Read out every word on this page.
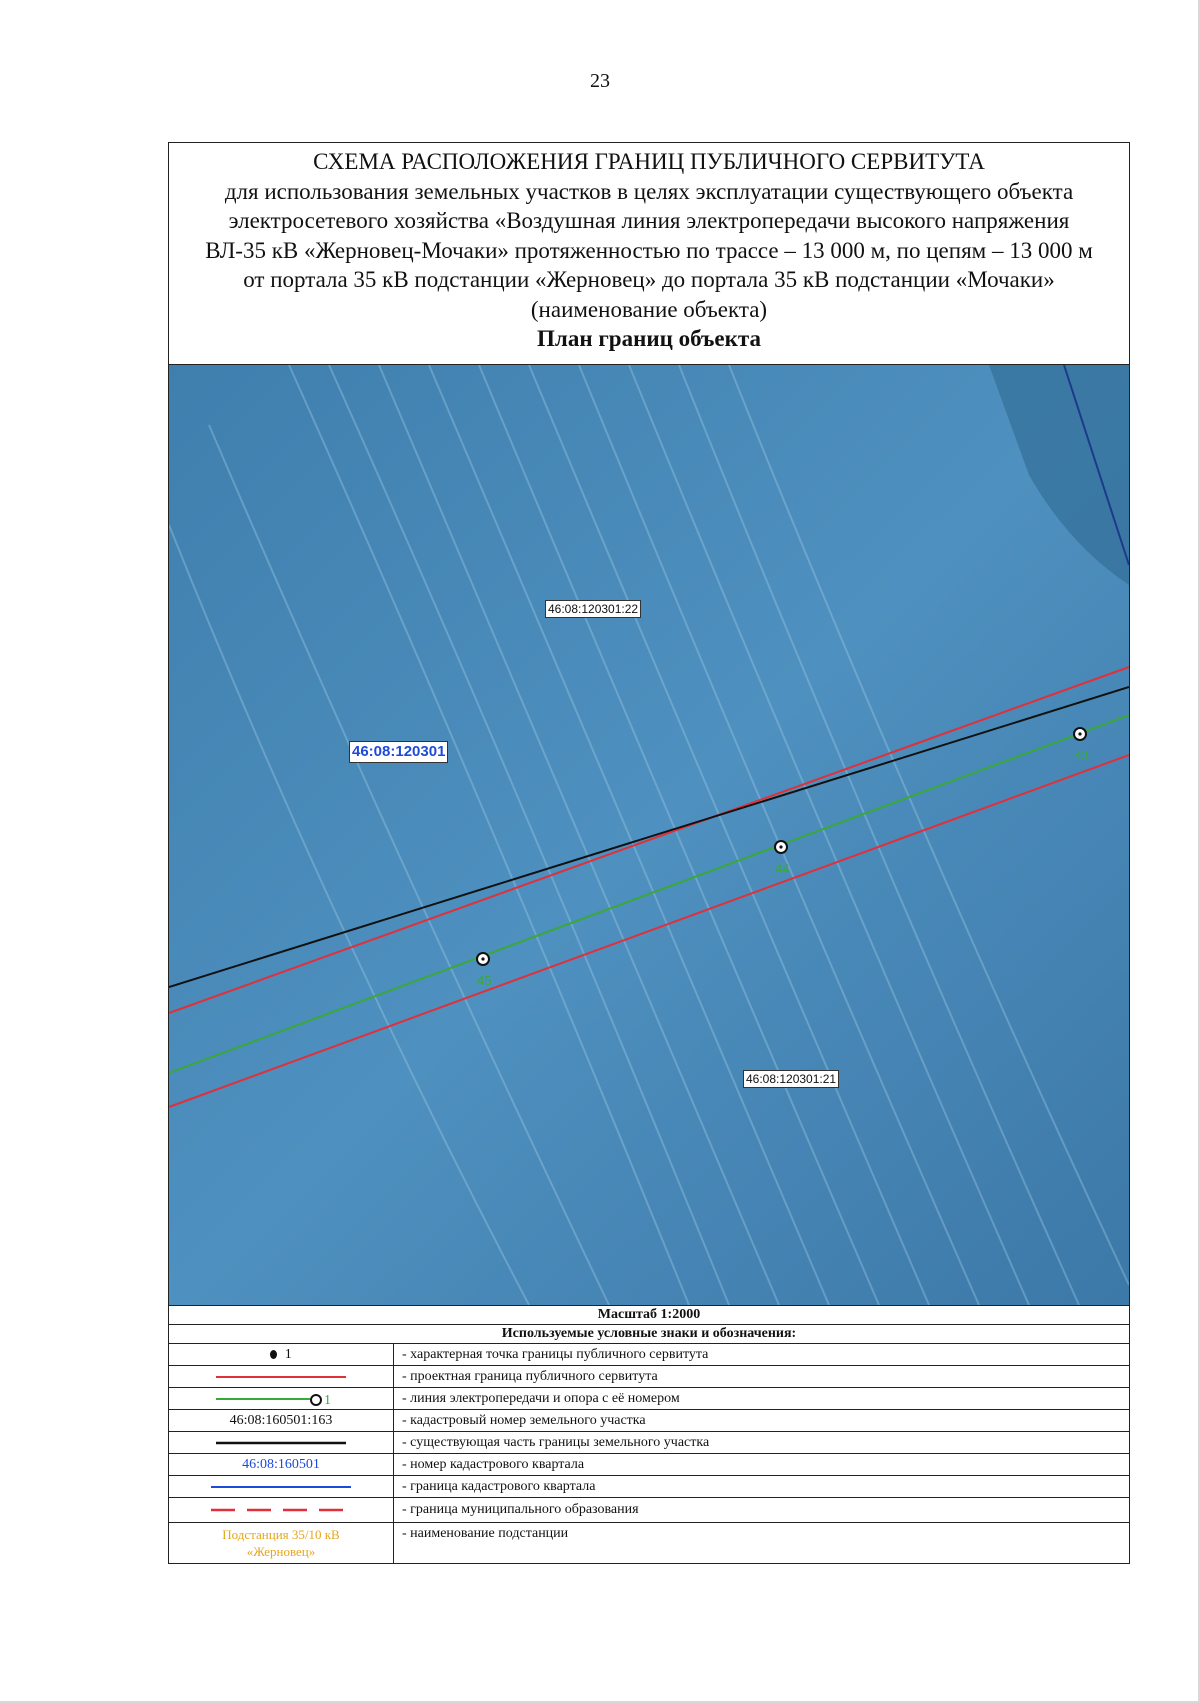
23
СХЕМА РАСПОЛОЖЕНИЯ ГРАНИЦ ПУБЛИЧНОГО СЕРВИТУТА
для использования земельных участков в целях эксплуатации существующего объекта
электросетевого хозяйства «Воздушная линия электропередачи высокого напряжения
ВЛ-35 кВ «Жерновец-Мочаки» протяженностью по трассе – 13 000 м, по цепям – 13 000 м
от портала 35 кВ подстанции «Жерновец» до портала 35 кВ подстанции «Мочаки»
(наименование объекта)
План границ объекта
43
44
45
46:08:120301:22
46:08:120301
46:08:120301:21
Масштаб 1:2000
Используемые условные знаки и обозначения:
1	- характерная точка границы публичного сервитута

	- проектная граница публичного сервитута

1	- линия электропередачи и опора с её номером
46:08:160501:163	- кадастровый номер земельного участка

	- существующая часть границы земельного участка
46:08:160501	- номер кадастрового квартала

	- граница кадастрового квартала

	- граница муниципального образования

Подстанция 35/10 кВ
«Жерновец»	- наименование подстанции
